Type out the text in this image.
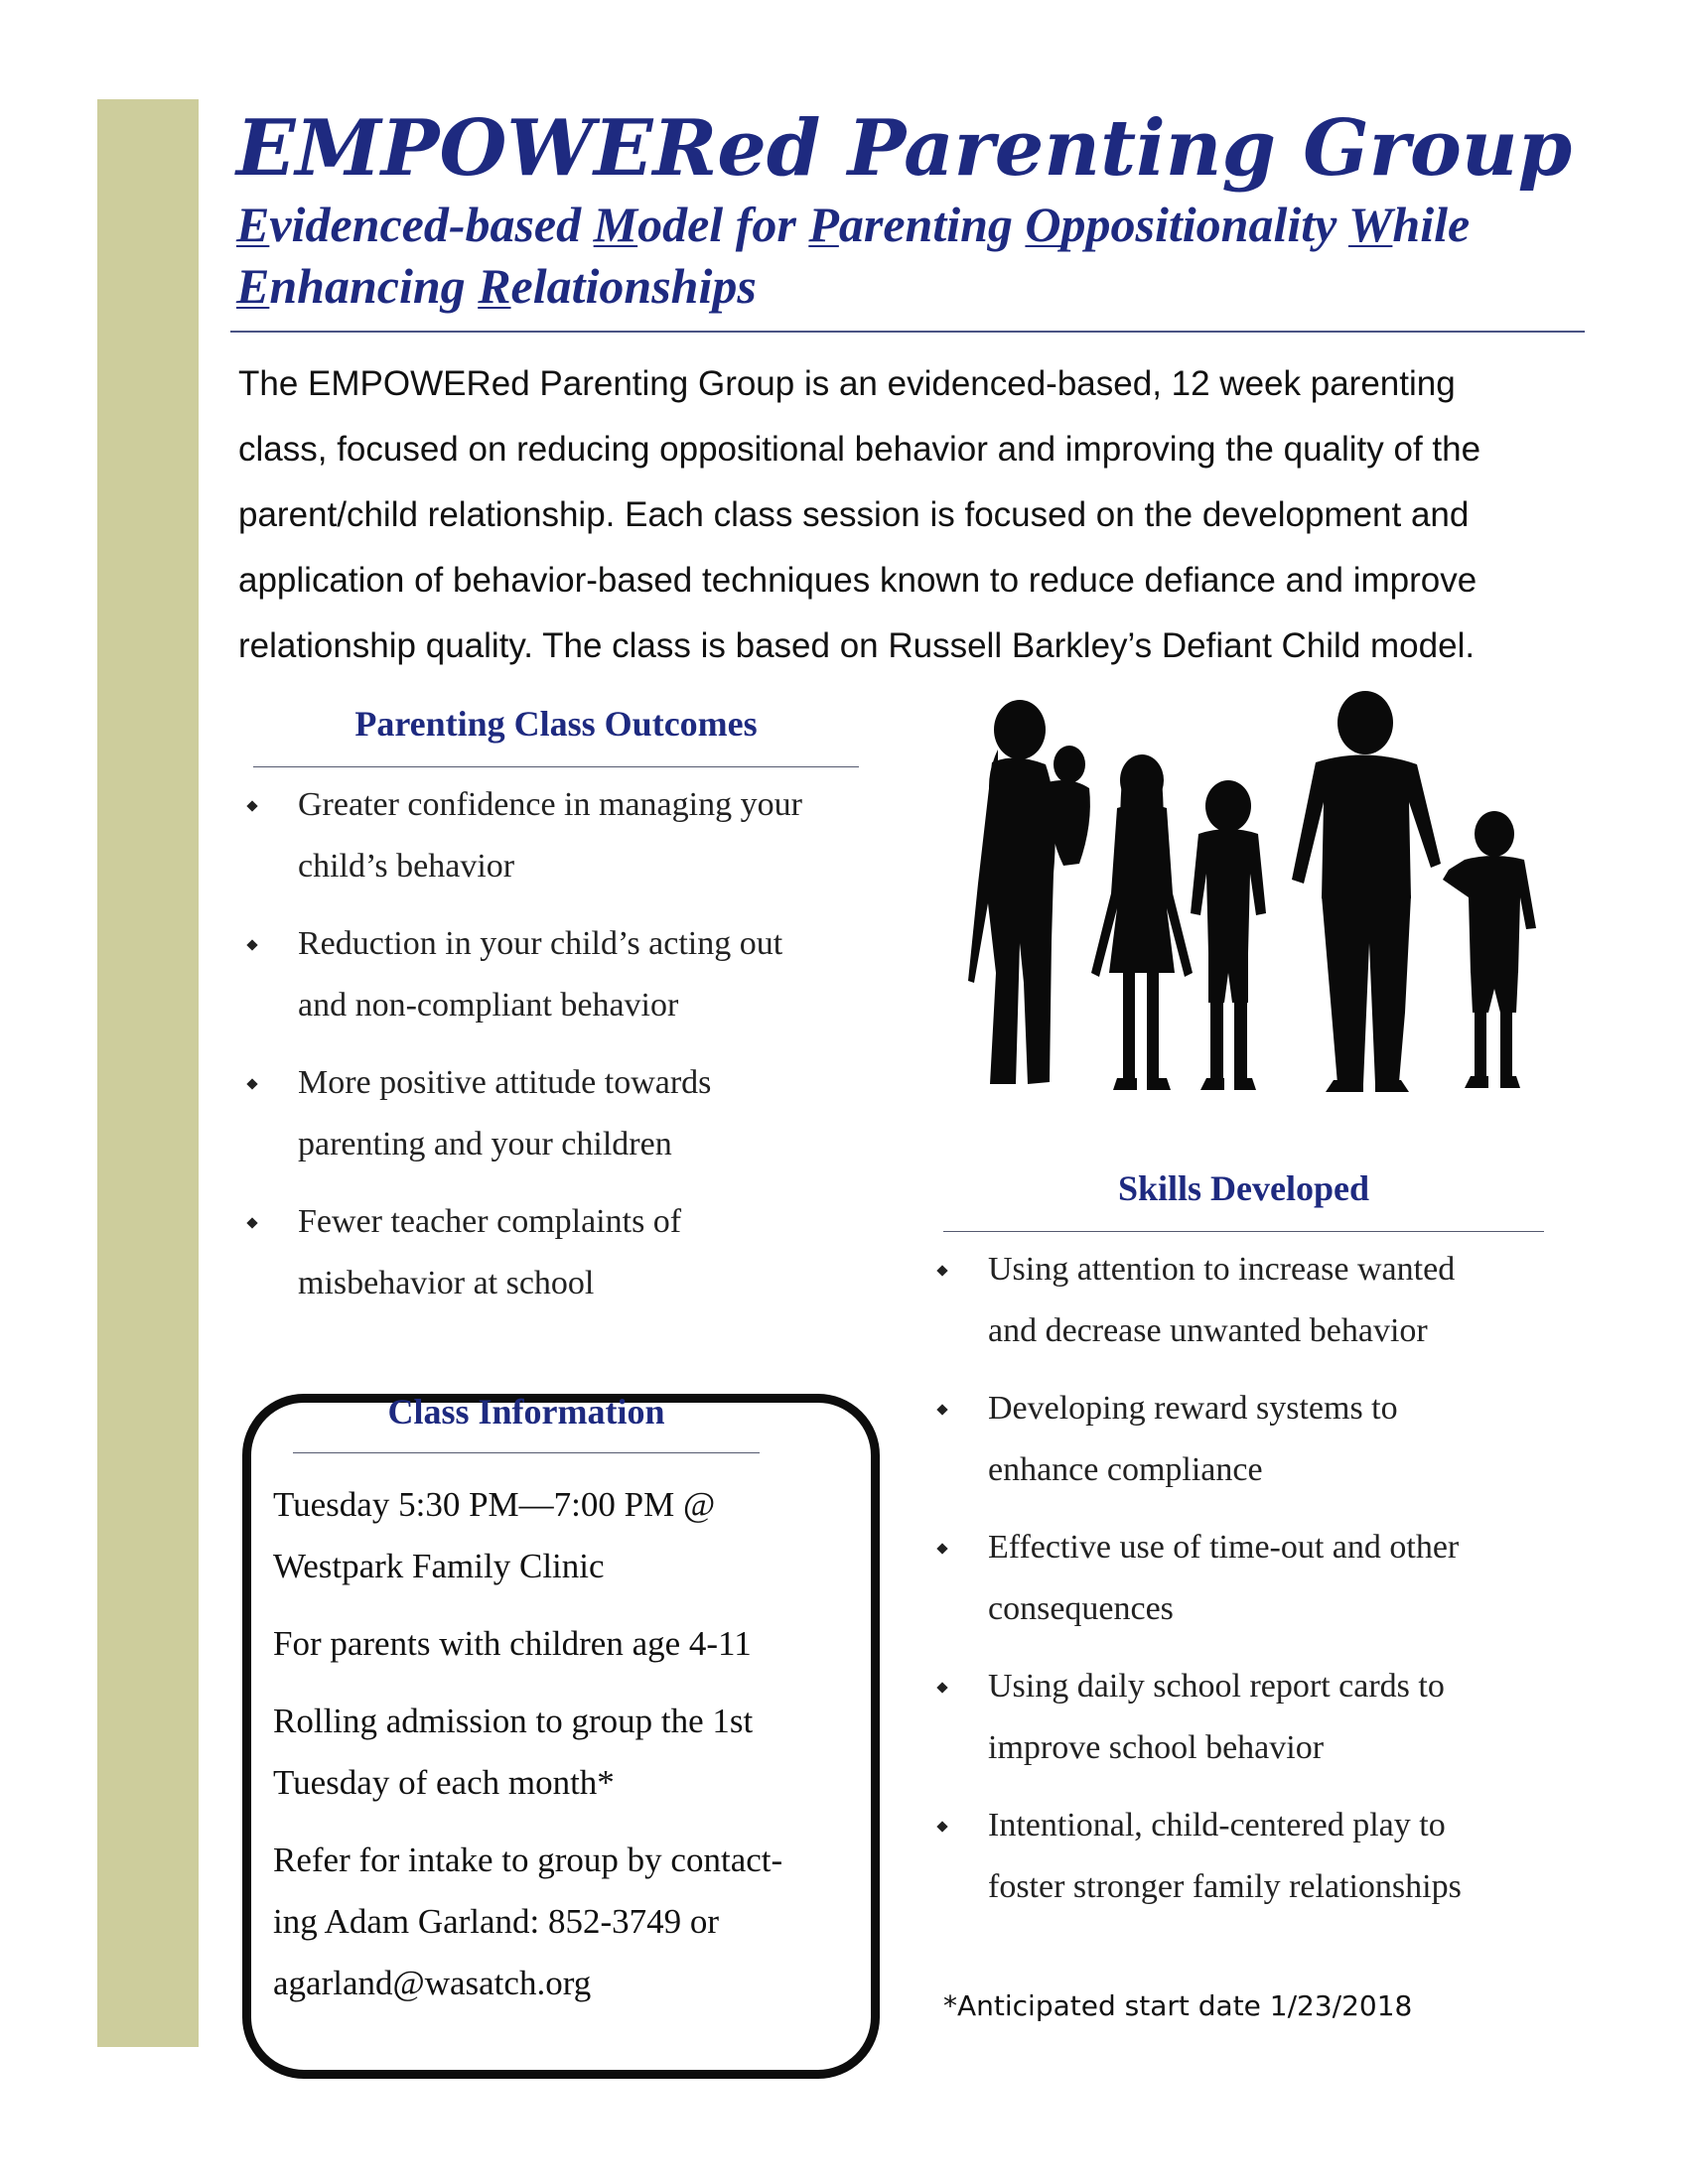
EMPOWERed Parenting Group
Evidenced-based Model for Parenting Oppositionality While
Enhancing Relationships

The EMPOWERed Parenting Group is an evidenced-based, 12 week parenting
class, focused on reducing oppositional behavior and improving the quality of the
parent/child relationship. Each class session is focused on the development and
application of behavior-based techniques known to reduce defiance and improve
relationship quality. The class is based on Russell Barkley’s Defiant Child model.

Parenting Class Outcomes
Greater confidence in managing your
child’s behavior
Reduction in your child’s acting out
and non-compliant behavior
More positive attitude towards
parenting and your children
Fewer teacher complaints of
misbehavior at school
Skills Developed
Using attention to increase wanted
and decrease unwanted behavior
Developing reward systems to
enhance compliance
Effective use of time-out and other
consequences
Using daily school report cards to
improve school behavior
Intentional, child-centered play to
foster stronger family relationships
Class Information

Tuesday 5:30 PM—7:00 PM @
Westpark Family Clinic

For parents with children age 4-11

Rolling admission to group the 1st
Tuesday of each month*

Refer for intake to group by contact-
ing Adam Garland: 852-3749 or
agarland@wasatch.org

*Anticipated start date 1/23/2018
